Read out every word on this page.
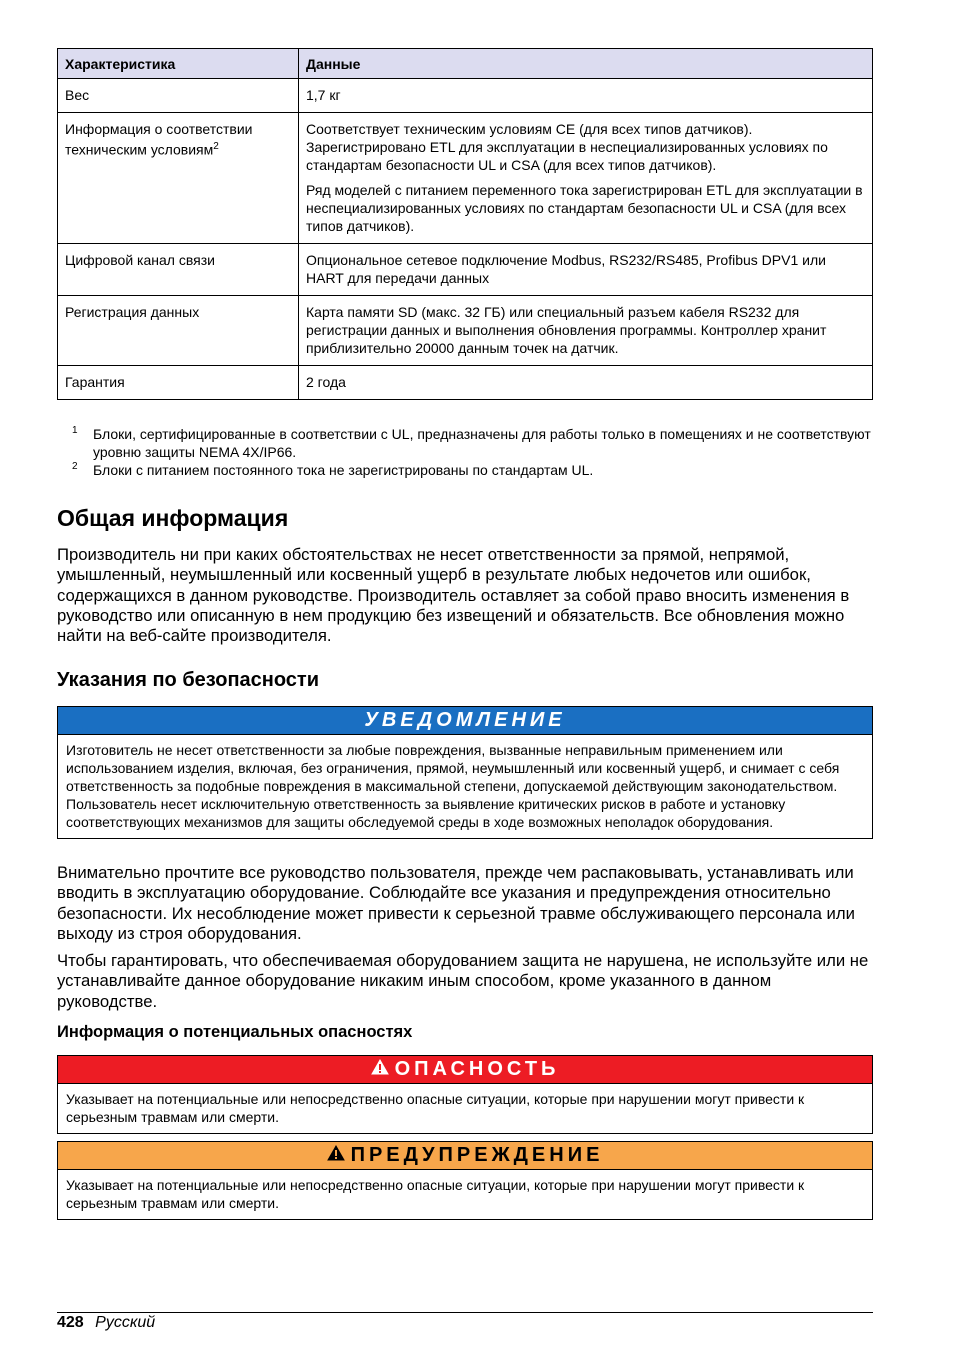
Характеристика	Данные
Вес	1,7 кг

Информация о соответствии техническим условиям$^2$	Соответствует техническим условиям CE (для всех типов датчиков). Зарегистрировано ETL для эксплуатации в неспециализированных условиях по стандартам безопасности UL и CSA (для всех типов датчиков).

Ряд моделей с питанием переменного тока зарегистрирован ETL для эксплуатации в неспециализированных условиях по стандартам безопасности UL и CSA (для всех типов датчиков).

Цифровой канал связи	Опциональное сетевое подключение Modbus, RS232/RS485, Profibus DPV1 или HART для передачи данных

Регистрация данных	Карта памяти SD (макс. 32 ГБ) или специальный разъем кабеля RS232 для регистрации данных и выполнения обновления программы. Контроллер хранит приблизительно 20000 данным точек на датчик.

Гарантия	2 года

1	Блоки, сертифицированные в соответствии с UL, предназначены для работы только в помещениях и не соответствуют уровню защиты NEMA 4X/IP66.
2	Блоки с питанием постоянного тока не зарегистрированы по стандартам UL.
Общая информация

Производитель ни при каких обстоятельствах не несет ответственности за прямой, непрямой, умышленный, неумышленный или косвенный ущерб в результате любых недочетов или ошибок, содержащихся в данном руководстве. Производитель оставляет за собой право вносить изменения в руководство или описанную в нем продукцию без извещений и обязательств. Все обновления можно найти на веб-сайте производителя.

Указания по безопасности
УВЕДОМЛЕНИЕ
Изготовитель не несет ответственности за любые повреждения, вызванные неправильным применением или использованием изделия, включая, без ограничения, прямой, неумышленный или косвенный ущерб, и снимает с себя ответственность за подобные повреждения в максимальной степени, допускаемой действующим законодательством. Пользователь несет исключительную ответственность за выявление критических рисков в работе и установку соответствующих механизмов для защиты обследуемой среды в ходе возможных неполадок оборудования.

Внимательно прочтите все руководство пользователя, прежде чем распаковывать, устанавливать или вводить в эксплуатацию оборудование. Соблюдайте все указания и предупреждения относительно безопасности. Их несоблюдение может привести к серьезной травме обслуживающего персонала или выходу из строя оборудования.

Чтобы гарантировать, что обеспечиваемая оборудованием защита не нарушена, не используйте или не устанавливайте данное оборудование никаким иным способом, кроме указанного в данном руководстве.

Информация о потенциальных опасностях
ОПАСНОСТЬ
Указывает на потенциальные или непосредственно опасные ситуации, которые при нарушении могут привести к серьезным травмам или смерти.
ПРЕДУПРЕЖДЕНИЕ
Указывает на потенциальные или непосредственно опасные ситуации, которые при нарушении могут привести к серьезным травмам или смерти.
428 Русский
